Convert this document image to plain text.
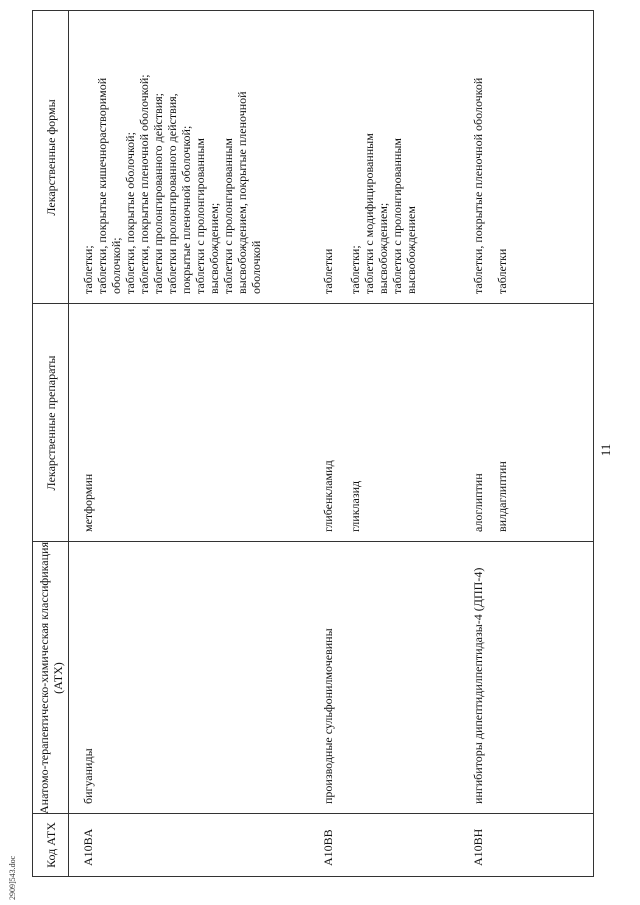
2909]543.doc
11
Код АТХ
Анатомо-терапевтическо-химическая классификация (АТХ)
Лекарственные препараты
Лекарственные формы
A10BA
бигуаниды
метформин
таблетки; таблетки, покрытые кишечнорастворимой оболочкой; таблетки, покрытые оболочкой; таблетки, покрытые пленочной оболочкой; таблетки пролонгированного действия; таблетки пролонгированного действия, покрытые пленочной оболочкой; таблетки с пролонгированным высвобождением; таблетки с пролонгированным высвобождением, покрытые пленочной оболочкой
A10BB
производные сульфонилмочевины
глибенкламид
таблетки
гликлазид
таблетки; таблетки с модифицированным высвобождением; таблетки с пролонгированным высвобождением
A10BH
ингибиторы дипептидилпептидазы-4 (ДПП-4)
алоглиптин
таблетки, покрытые пленочной оболочкой
вилдаглиптин
таблетки
